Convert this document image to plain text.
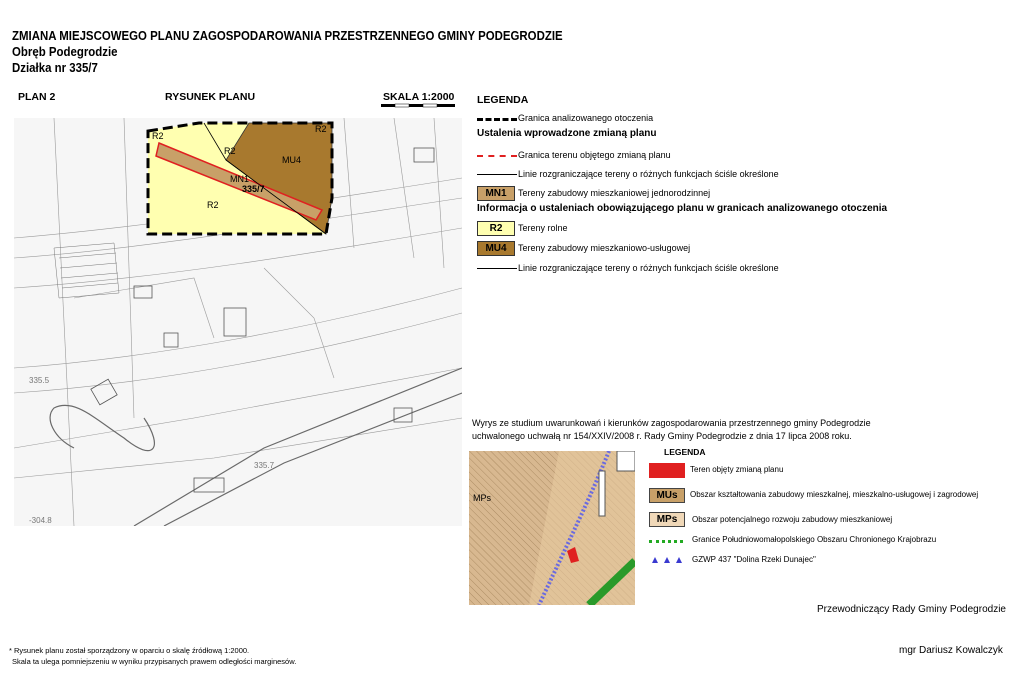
ZMIANA MIEJSCOWEGO PLANU ZAGOSPODAROWANIA PRZESTRZENNEGO GMINY PODEGRODZIE
Obręb Podegrodzie
Działka nr 335/7
PLAN 2	RYSUNEK PLANU	SKALA 1:2000
335.5
335.7
-304.8
R2
R2
R2
R2
MU4
MN1
335/7
LEGENDA
Granica analizowanego otoczenia
Ustalenia wprowadzone zmianą planu
Granica terenu objętego zmianą planu
Linie rozgraniczające tereny o różnych funkcjach ściśle określone
MN1	Tereny zabudowy mieszkaniowej jednorodzinnej
Informacja o ustaleniach obowiązującego planu w granicach analizowanego otoczenia
R2	Tereny rolne
MU4	Tereny zabudowy mieszkaniowo-usługowej
Linie rozgraniczające tereny o różnych funkcjach ściśle określone
Wyrys ze studium uwarunkowań i kierunków zagospodarowania przestrzennego gminy Podegrodzie
uchwalonego uchwałą nr 154/XXIV/2008 r. Rady Gminy Podegrodzie z dnia 17 lipca 2008 roku.
MPs
LEGENDA
Teren objęty zmianą planu
MUs	Obszar kształtowania zabudowy mieszkalnej, mieszkalno-usługowej i zagrodowej
MPs	Obszar potencjalnego rozwoju zabudowy mieszkaniowej
Granice Południowomałopolskiego Obszaru Chronionego Krajobrazu
GZWP 437 "Dolina Rzeki Dunajec"
Przewodniczący Rady Gminy Podegrodzie
mgr Dariusz Kowalczyk
* Rysunek planu został sporządzony w oparciu o skalę źródłową 1:2000.
Skala ta ulega pomniejszeniu w wyniku przypisanych prawem odległości marginesów.
